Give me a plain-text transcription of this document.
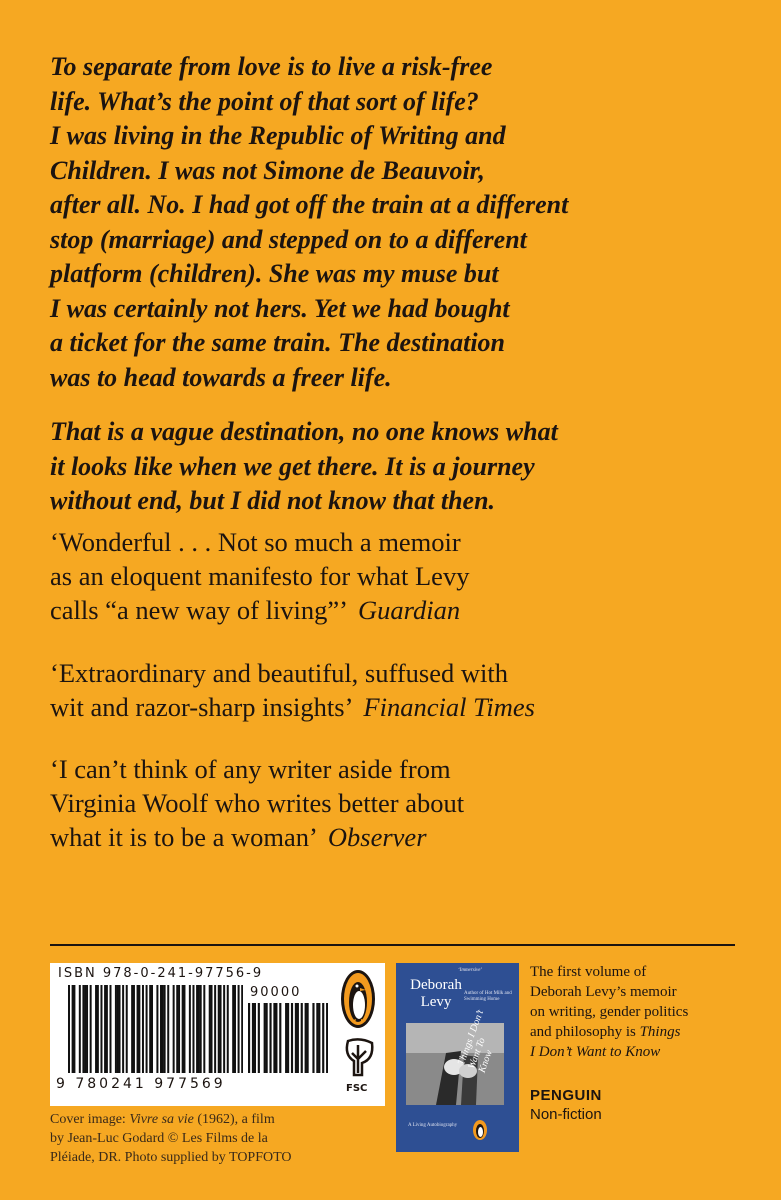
To separate from love is to live a risk-free
life. What’s the point of that sort of life?
I was living in the Republic of Writing and
Children. I was not Simone de Beauvoir,
after all. No. I had got off the train at a different
stop (marriage) and stepped on to a different
platform (children). She was my muse but
I was certainly not hers. Yet we had bought
a ticket for the same train. The destination
was to head towards a freer life.

That is a vague destination, no one knows what
it looks like when we get there. It is a journey
without end, but I did not know that then.

‘Wonderful . . . Not so much a memoir
as an eloquent manifesto for what Levy
calls “a new way of living”’ Guardian
‘Extraordinary and beautiful, suffused with
wit and razor-sharp insights’ Financial Times
‘I can’t think of any writer aside from
Virginia Woolf who writes better about
what it is to be a woman’ Observer
ISBN 978-0-241-97756-9
90000
9 780241 977569	FSC
Cover image: Vivre sa vie (1962), a film
by Jean-Luc Godard © Les Films de la
Pléiade, DR. Photo supplied by TOPFOTO
‘Immersive’
Deborah
Levy
Author of Hot Milk and Swimming Home
Things I Don’t Want To Know
A Living Autobiography
The first volume of
Deborah Levy’s memoir
on writing, gender politics
and philosophy is Things
I Don’t Want to Know
PENGUIN
Non-fiction
